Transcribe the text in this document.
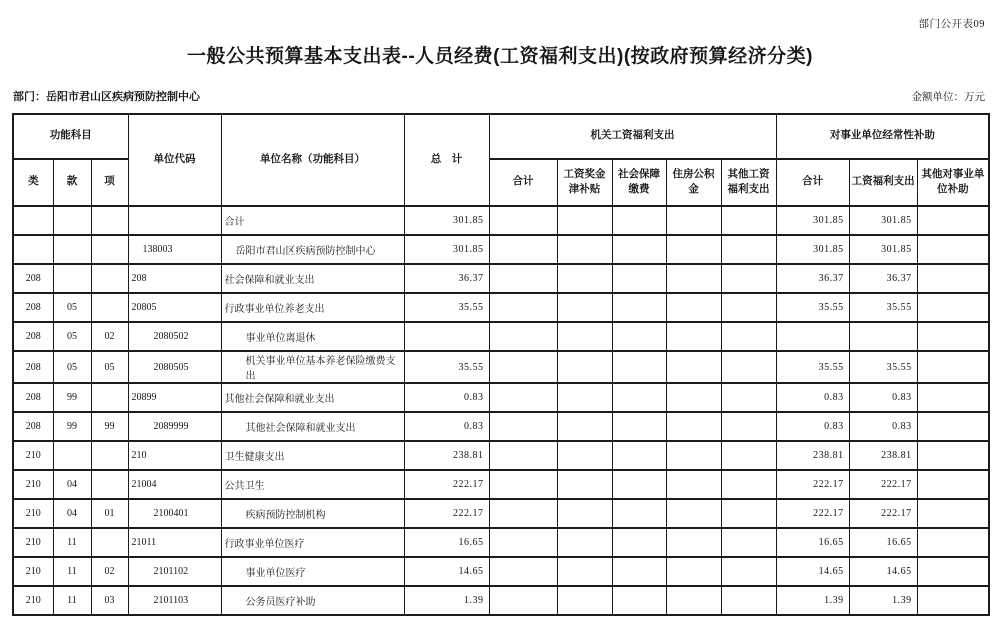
部门公开表09
一般公共预算基本支出表--人员经费(工资福利支出)(按政府预算经济分类)
部门：岳阳市君山区疾病预防控制中心	金额单位：万元
功能科目			单位代码	单位名称（功能科目）	总　计	机关工资福利支出					对事业单位经常性补助		
类	款	项				合计	工资奖金津补贴	社会保障缴费	住房公积金	其他工资福利支出	合计	工资福利支出	其他对事业单位补助
				合计	301.85						301.85	301.85	
			138003	岳阳市君山区疾病预防控制中心	301.85						301.85	301.85	
208			208	社会保障和就业支出	36.37						36.37	36.37	
208	05		20805	行政事业单位养老支出	35.55						35.55	35.55	
208	05	02	2080502	事业单位离退休									
208	05	05	2080505	机关事业单位基本养老保险缴费支出	35.55						35.55	35.55	
208	99		20899	其他社会保障和就业支出	0.83						0.83	0.83	
208	99	99	2089999	其他社会保障和就业支出	0.83						0.83	0.83	
210			210	卫生健康支出	238.81						238.81	238.81	
210	04		21004	公共卫生	222.17						222.17	222.17	
210	04	01	2100401	疾病预防控制机构	222.17						222.17	222.17	
210	11		21011	行政事业单位医疗	16.65						16.65	16.65	
210	11	02	2101102	事业单位医疗	14.65						14.65	14.65	
210	11	03	2101103	公务员医疗补助	1.39						1.39	1.39	
